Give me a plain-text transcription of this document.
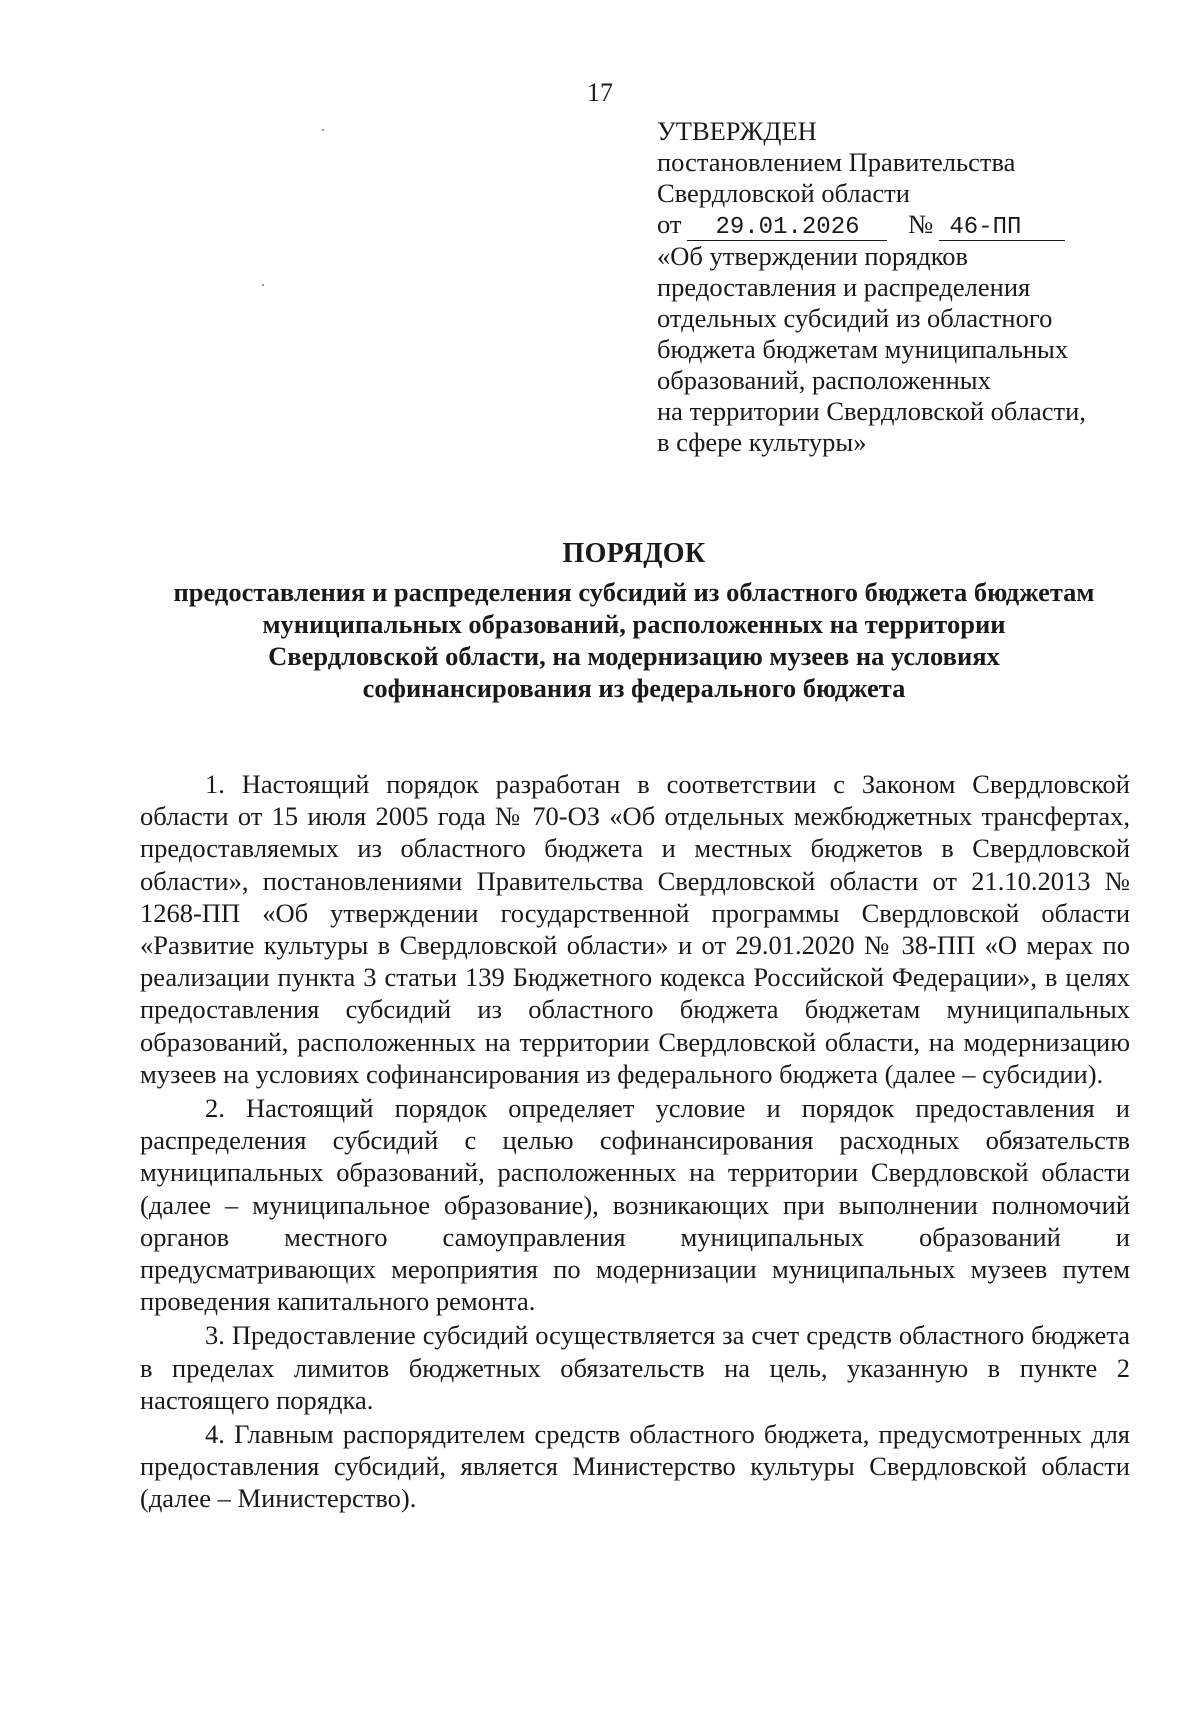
17
УТВЕРЖДЕН
постановлением Правительства
Свердловской области
от 29.01.2026 № 46-ПП
«Об утверждении порядков
предоставления и распределения
отдельных субсидий из областного
бюджета бюджетам муниципальных
образований, расположенных
на территории Свердловской области,
в сфере культуры»
ПОРЯДОК
предоставления и распределения субсидий из областного бюджета бюджетам
муниципальных образований, расположенных на территории
Свердловской области, на модернизацию музеев на условиях
софинансирования из федерального бюджета

1. Настоящий порядок разработан в соответствии с Законом Свердловской области от 15 июля 2005 года № 70-ОЗ «Об отдельных межбюджетных трансфертах, предоставляемых из областного бюджета и местных бюджетов в Свердловской области», постановлениями Правительства Свердловской области от 21.10.2013 № 1268-ПП «Об утверждении государственной программы Свердловской области «Развитие культуры в Свердловской области» и от 29.01.2020 № 38-ПП «О мерах по реализации пункта 3 статьи 139 Бюджетного кодекса Российской Федерации», в целях предоставления субсидий из областного бюджета бюджетам муниципальных образований, расположенных на территории Свердловской области, на модернизацию музеев на условиях софинансирования из федерального бюджета (далее – субсидии).

2. Настоящий порядок определяет условие и порядок предоставления и распределения субсидий с целью софинансирования расходных обязательств муниципальных образований, расположенных на территории Свердловской области (далее – муниципальное образование), возникающих при выполнении полномочий органов местного самоуправления муниципальных образований и предусматривающих мероприятия по модернизации муниципальных музеев путем проведения капитального ремонта.

3. Предоставление субсидий осуществляется за счет средств областного бюджета в пределах лимитов бюджетных обязательств на цель, указанную в пункте 2 настоящего порядка.

4. Главным распорядителем средств областного бюджета, предусмотренных для предоставления субсидий, является Министерство культуры Свердловской области (далее – Министерство).
